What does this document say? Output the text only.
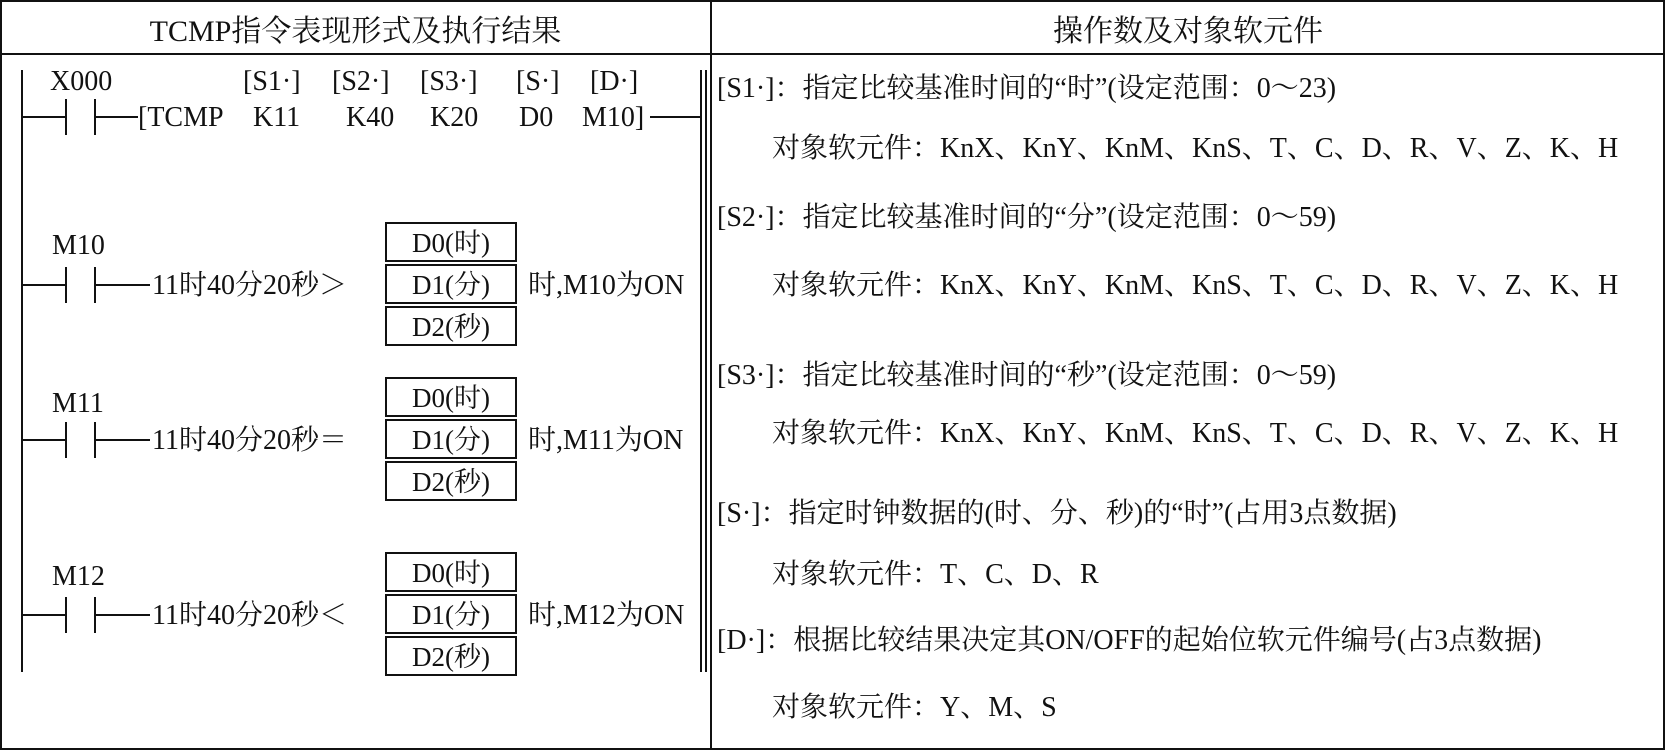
TCMP指令表现形式及执行结果	操作数及对象软元件
X000	[S1·] [S2·] [S3·] [S·] [D·]
[TCMP K11 K40 K20 D0 M10]
M10
11时40分20秒＞
D0(时)
D1(分)
D2(秒)
时,M10为ON
M11
11时40分20秒＝
D0(时)
D1(分)
D2(秒)
时,M11为ON
M12
11时40分20秒＜
D0(时)
D1(分)
D2(秒)
时,M12为ON
[S1·]：指定比较基准时间的“时”(设定范围：0～23)
对象软元件：KnX、KnY、KnM、KnS、T、C、D、R、V、Z、K、H
[S2·]：指定比较基准时间的“分”(设定范围：0～59)
对象软元件：KnX、KnY、KnM、KnS、T、C、D、R、V、Z、K、H
[S3·]：指定比较基准时间的“秒”(设定范围：0～59)
对象软元件：KnX、KnY、KnM、KnS、T、C、D、R、V、Z、K、H
[S·]：指定时钟数据的(时、分、秒)的“时”(占用3点数据)
对象软元件：T、C、D、R
[D·]：根据比较结果决定其ON/OFF的起始位软元件编号(占3点数据)
对象软元件：Y、M、S
